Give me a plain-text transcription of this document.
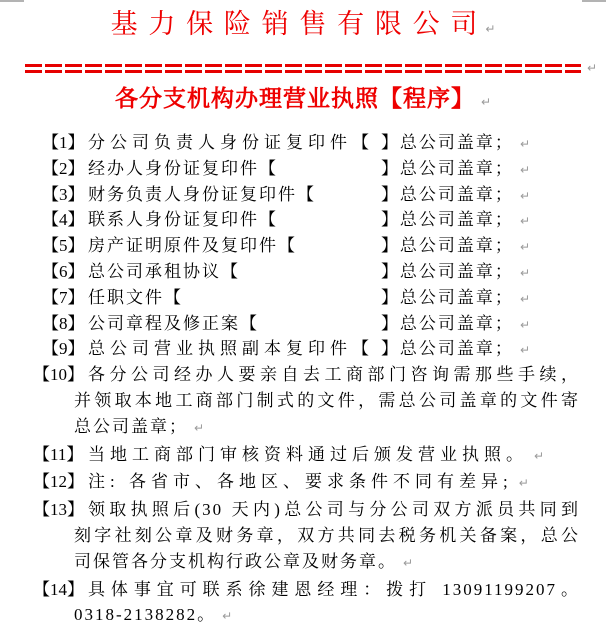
基 力 保 险 销 售 有 限 公 司 ↵
↵
各分支机构办理营业执照【程序】 ↵
【1】 分公司负责人身份证复印件【 】总公司盖章； ↵
【2】 经办人身份证复印件【	】总公司盖章； ↵
【3】 财务负责人身份证复印件【	】总公司盖章； ↵
【4】 联系人身份证复印件【	】总公司盖章； ↵
【5】 房产证明原件及复印件【	】总公司盖章； ↵
【6】 总公司承租协议【	】总公司盖章； ↵
【7】 任职文件【	】总公司盖章； ↵
【8】 公司章程及修正案【	】总公司盖章； ↵
【9】 总公司营业执照副本复印件【 】总公司盖章； ↵
【10】 各分公司经办人要亲自去工商部门咨询需那些手续，
并领取本地工商部门制式的文件，需总公司盖章的文件寄
总公司盖章； ↵
【11】 当地工商部门审核资料通过后颁发营业执照。 ↵
【12】 注: 各省市、各地区、要求条件不同有差异; ↵
【13】 领取执照后(30 天内)总公司与分公司双方派员共同到
刻字社刻公章及财务章，双方共同去税务机关备案，总公
司保管各分支机构行政公章及财务章。 ↵
【14】 具体事宜可联系徐建恩经理：拨打 13091199207。
0318-2138282。 ↵
